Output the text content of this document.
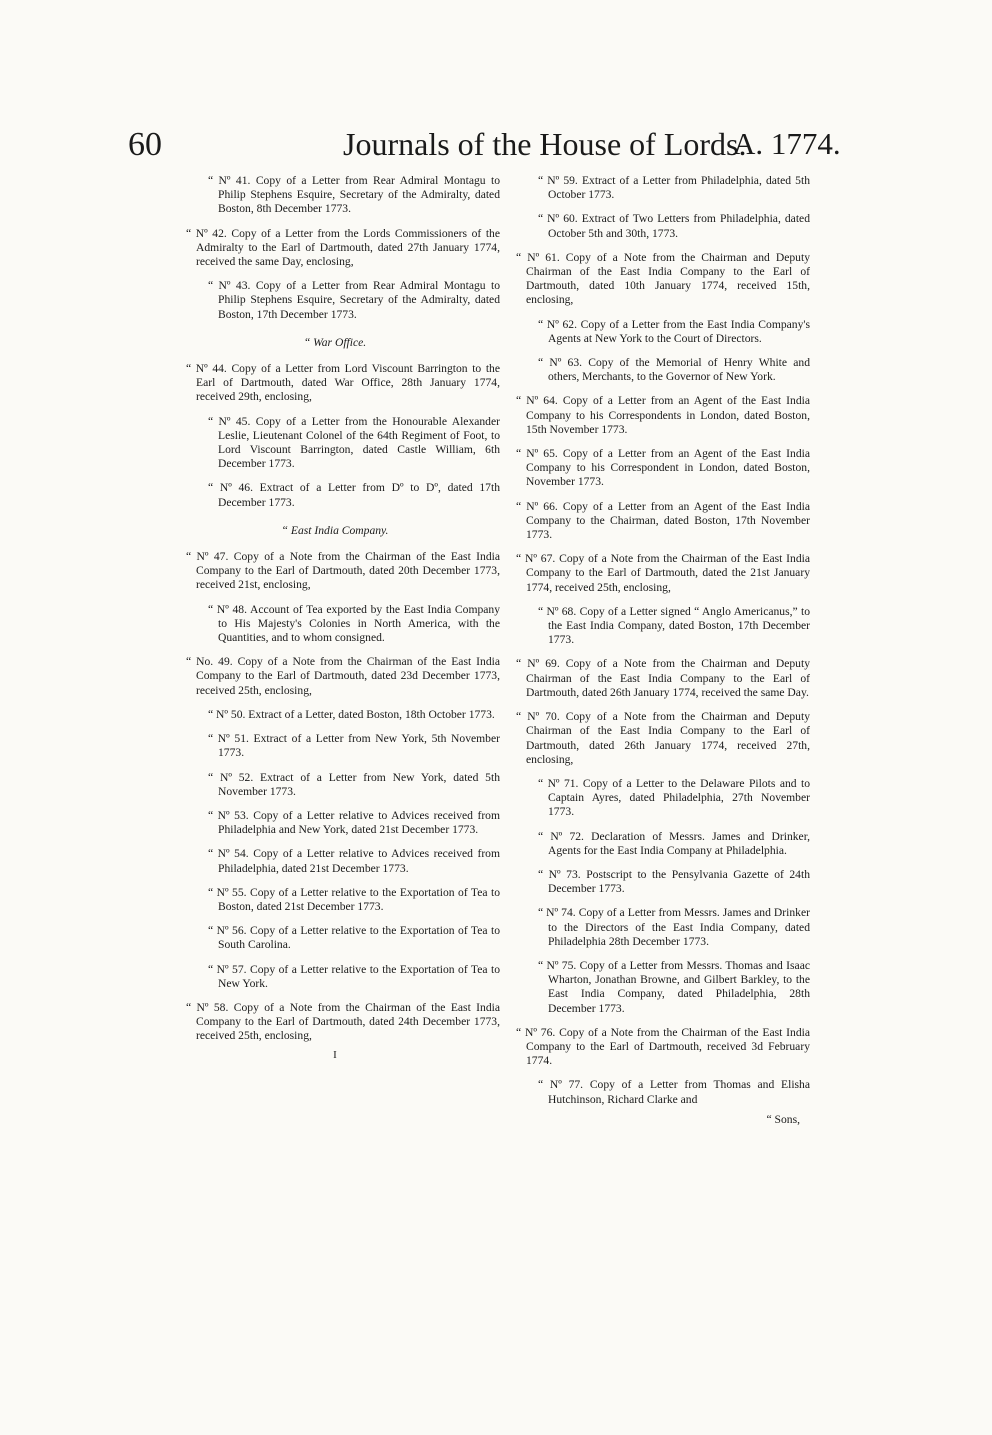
60	Journals of the House of Lords.
A. 1774.
“ Nº 41. Copy of a Letter from Rear Admiral Montagu to Philip Stephens Esquire, Secretary of the Admiralty, dated Boston, 8th December 1773.
“ Nº 42. Copy of a Letter from the Lords Commissioners of the Admiralty to the Earl of Dartmouth, dated 27th January 1774, received the same Day, enclosing,
“ Nº 43. Copy of a Letter from Rear Admiral Montagu to Philip Stephens Esquire, Secretary of the Admiralty, dated Boston, 17th December 1773.
“ War Office.
“ Nº 44. Copy of a Letter from Lord Viscount Barrington to the Earl of Dartmouth, dated War Office, 28th January 1774, received 29th, enclosing,
“ Nº 45. Copy of a Letter from the Honourable Alexander Leslie, Lieutenant Colonel of the 64th Regiment of Foot, to Lord Viscount Barrington, dated Castle William, 6th December 1773.
“ Nº 46. Extract of a Letter from Dº to Dº, dated 17th December 1773.
“ East India Company.
“ Nº 47. Copy of a Note from the Chairman of the East India Company to the Earl of Dartmouth, dated 20th December 1773, received 21st, enclosing,
“ Nº 48. Account of Tea exported by the East India Company to His Majesty's Colonies in North America, with the Quantities, and to whom consigned.
“ No. 49. Copy of a Note from the Chairman of the East India Company to the Earl of Dartmouth, dated 23d December 1773, received 25th, enclosing,
“ Nº 50. Extract of a Letter, dated Boston, 18th October 1773.
“ Nº 51. Extract of a Letter from New York, 5th November 1773.
“ Nº 52. Extract of a Letter from New York, dated 5th November 1773.
“ Nº 53. Copy of a Letter relative to Advices received from Philadelphia and New York, dated 21st December 1773.
“ Nº 54. Copy of a Letter relative to Advices received from Philadelphia, dated 21st December 1773.
“ Nº 55. Copy of a Letter relative to the Exportation of Tea to Boston, dated 21st December 1773.
“ Nº 56. Copy of a Letter relative to the Exportation of Tea to South Carolina.
“ Nº 57. Copy of a Letter relative to the Exportation of Tea to New York.
“ Nº 58. Copy of a Note from the Chairman of the East India Company to the Earl of Dartmouth, dated 24th December 1773, received 25th, enclosing,
I
“ Nº 59. Extract of a Letter from Philadelphia, dated 5th October 1773.
“ Nº 60. Extract of Two Letters from Philadelphia, dated October 5th and 30th, 1773.
“ Nº 61. Copy of a Note from the Chairman and Deputy Chairman of the East India Company to the Earl of Dartmouth, dated 10th January 1774, received 15th, enclosing,
“ Nº 62. Copy of a Letter from the East India Company's Agents at New York to the Court of Directors.
“ Nº 63. Copy of the Memorial of Henry White and others, Merchants, to the Governor of New York.
“ Nº 64. Copy of a Letter from an Agent of the East India Company to his Correspondents in London, dated Boston, 15th November 1773.
“ Nº 65. Copy of a Letter from an Agent of the East India Company to his Correspondent in London, dated Boston, November 1773.
“ Nº 66. Copy of a Letter from an Agent of the East India Company to the Chairman, dated Boston, 17th November 1773.
“ Nº 67. Copy of a Note from the Chairman of the East India Company to the Earl of Dartmouth, dated the 21st January 1774, received 25th, enclosing,
“ Nº 68. Copy of a Letter signed “ Anglo Americanus,” to the East India Company, dated Boston, 17th December 1773.
“ Nº 69. Copy of a Note from the Chairman and Deputy Chairman of the East India Company to the Earl of Dartmouth, dated 26th January 1774, received the same Day.
“ Nº 70. Copy of a Note from the Chairman and Deputy Chairman of the East India Company to the Earl of Dartmouth, dated 26th January 1774, received 27th, enclosing,
“ Nº 71. Copy of a Letter to the Delaware Pilots and to Captain Ayres, dated Philadelphia, 27th November 1773.
“ Nº 72. Declaration of Messrs. James and Drinker, Agents for the East India Company at Philadelphia.
“ Nº 73. Postscript to the Pensylvania Gazette of 24th December 1773.
“ Nº 74. Copy of a Letter from Messrs. James and Drinker to the Directors of the East India Company, dated Philadelphia 28th December 1773.
“ Nº 75. Copy of a Letter from Messrs. Thomas and Isaac Wharton, Jonathan Browne, and Gilbert Barkley, to the East India Company, dated Philadelphia, 28th December 1773.
“ Nº 76. Copy of a Note from the Chairman of the East India Company to the Earl of Dartmouth, received 3d February 1774.
“ Nº 77. Copy of a Letter from Thomas and Elisha Hutchinson, Richard Clarke and
“ Sons,
